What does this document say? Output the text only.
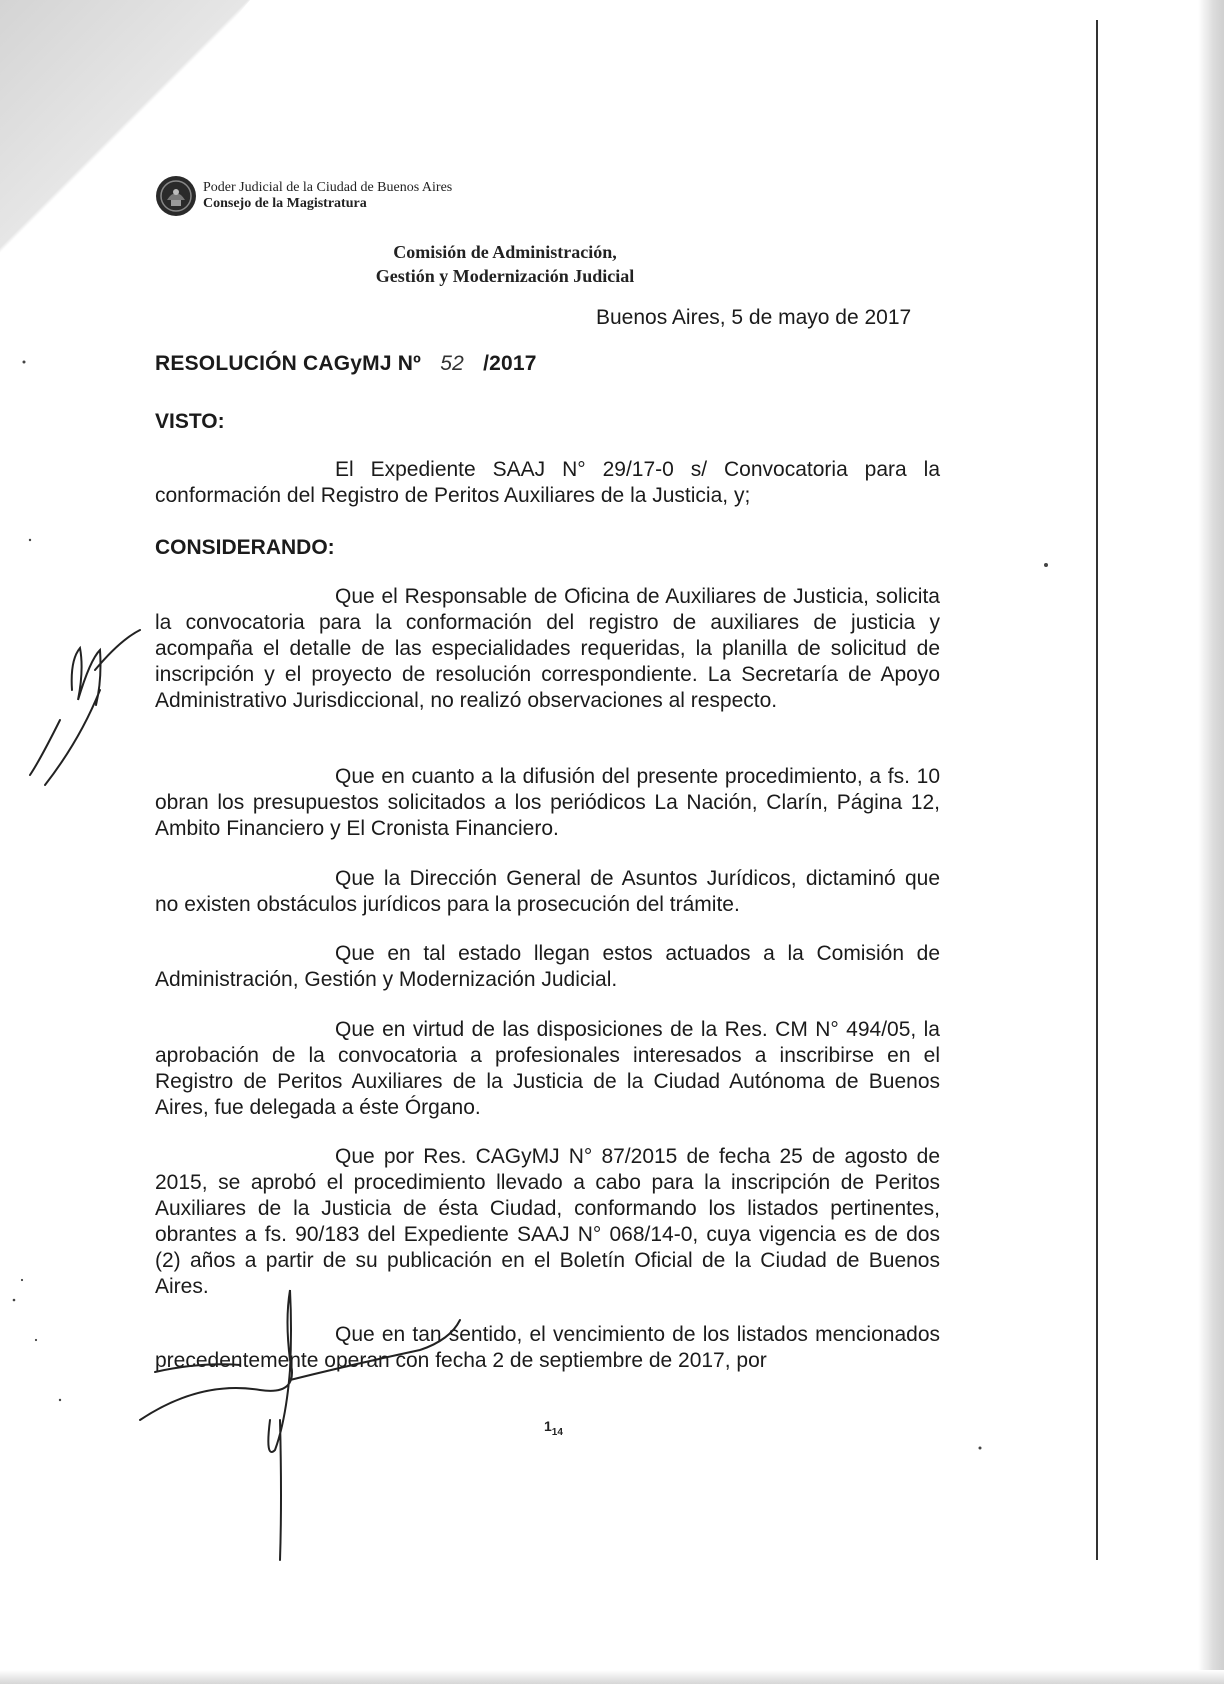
Poder Judicial de la Ciudad de Buenos Aires
Consejo de la Magistratura
Comisión de Administración,
Gestión y Modernización Judicial
Buenos Aires, 5 de mayo de 2017
RESOLUCIÓN CAGyMJ Nº 52 /2017
VISTO:
El Expediente SAAJ N° 29/17-0 s/ Convocatoria para la conformación del Registro de Peritos Auxiliares de la Justicia, y;
CONSIDERANDO:
Que el Responsable de Oficina de Auxiliares de Justicia, solicita la convocatoria para la conformación del registro de auxiliares de justicia y acompaña el detalle de las especialidades requeridas, la planilla de solicitud de inscripción y el proyecto de resolución correspondiente. La Secretaría de Apoyo Administrativo Jurisdiccional, no realizó observaciones al respecto.
Que en cuanto a la difusión del presente procedimiento, a fs. 10 obran los presupuestos solicitados a los periódicos La Nación, Clarín, Página 12, Ambito Financiero y El Cronista Financiero.
Que la Dirección General de Asuntos Jurídicos, dictaminó que no existen obstáculos jurídicos para la prosecución del trámite.
Que en tal estado llegan estos actuados a la Comisión de Administración, Gestión y Modernización Judicial.
Que en virtud de las disposiciones de la Res. CM N° 494/05, la aprobación de la convocatoria a profesionales interesados a inscribirse en el Registro de Peritos Auxiliares de la Justicia de la Ciudad Autónoma de Buenos Aires, fue delegada a éste Órgano.
Que por Res. CAGyMJ N° 87/2015 de fecha 25 de agosto de 2015, se aprobó el procedimiento llevado a cabo para la inscripción de Peritos Auxiliares de la Justicia de ésta Ciudad, conformando los listados pertinentes, obrantes a fs. 90/183 del Expediente SAAJ N° 068/14-0, cuya vigencia es de dos (2) años a partir de su publicación en el Boletín Oficial de la Ciudad de Buenos Aires.
Que en tan sentido, el vencimiento de los listados mencionados precedentemente operan con fecha 2 de septiembre de 2017, por
$1_{14}$
